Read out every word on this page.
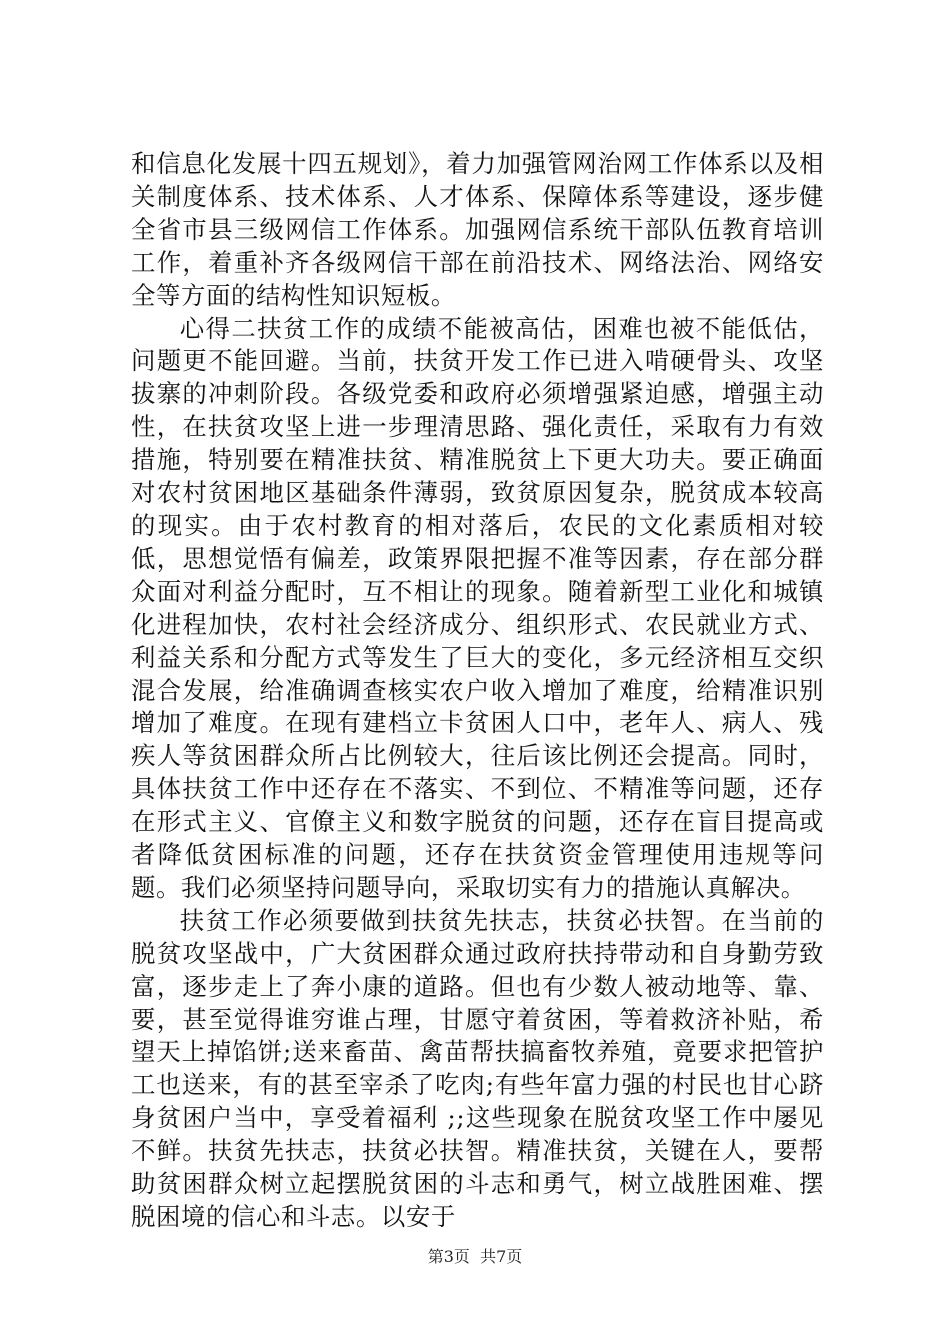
和信息化发展十四五规划》，着力加强管网治网工作体系以及相关制度体系、技术体系、人才体系、保障体系等建设，逐步健全省市县三级网信工作体系。加强网信系统干部队伍教育培训工作，着重补齐各级网信干部在前沿技术、网络法治、网络安全等方面的结构性知识短板。

心得二扶贫工作的成绩不能被高估，困难也被不能低估，问题更不能回避。当前，扶贫开发工作已进入啃硬骨头、攻坚拔寨的冲刺阶段。各级党委和政府必须增强紧迫感，增强主动性，在扶贫攻坚上进一步理清思路、强化责任，采取有力有效措施，特别要在精准扶贫、精准脱贫上下更大功夫。要正确面对农村贫困地区基础条件薄弱，致贫原因复杂，脱贫成本较高的现实。由于农村教育的相对落后，农民的文化素质相对较低，思想觉悟有偏差，政策界限把握不准等因素，存在部分群众面对利益分配时，互不相让的现象。随着新型工业化和城镇化进程加快，农村社会经济成分、组织形式、农民就业方式、利益关系和分配方式等发生了巨大的变化，多元经济相互交织混合发展，给准确调查核实农户收入增加了难度，给精准识别增加了难度。在现有建档立卡贫困人口中，老年人、病人、残疾人等贫困群众所占比例较大，往后该比例还会提高。同时，具体扶贫工作中还存在不落实、不到位、不精准等问题，还存在形式主义、官僚主义和数字脱贫的问题，还存在盲目提高或者降低贫困标准的问题，还存在扶贫资金管理使用违规等问题。我们必须坚持问题导向，采取切实有力的措施认真解决。

扶贫工作必须要做到扶贫先扶志，扶贫必扶智。在当前的脱贫攻坚战中，广大贫困群众通过政府扶持带动和自身勤劳致富，逐步走上了奔小康的道路。但也有少数人被动地等、靠、要，甚至觉得谁穷谁占理，甘愿守着贫困，等着救济补贴，希望天上掉馅饼;送来畜苗、禽苗帮扶搞畜牧养殖，竟要求把管护工也送来，有的甚至宰杀了吃肉;有些年富力强的村民也甘心跻身贫困户当中，享受着福利 ;;这些现象在脱贫攻坚工作中屡见不鲜。扶贫先扶志，扶贫必扶智。精准扶贫，关键在人，要帮助贫困群众树立起摆脱贫困的斗志和勇气，树立战胜困难、摆脱困境的信心和斗志。以安于

第3页  共7页
